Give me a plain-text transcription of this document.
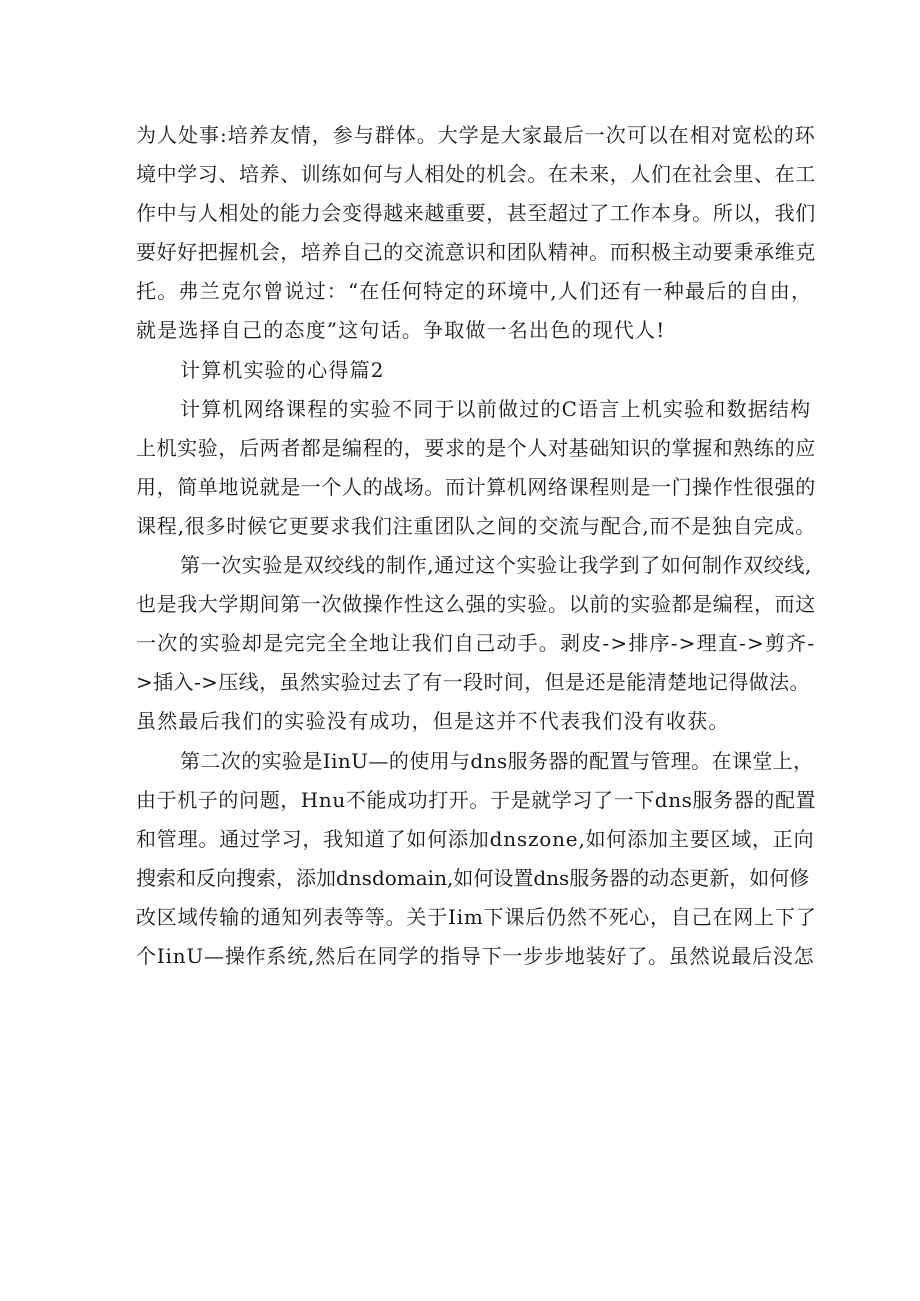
为人处事:培养友情，参与群体。大学是大家最后一次可以在相对宽松的环
境中学习、培养、训练如何与人相处的机会。在未来，人们在社会里、在工
作中与人相处的能力会变得越来越重要，甚至超过了工作本身。所以，我们
要好好把握机会，培养自己的交流意识和团队精神。而积极主动要秉承维克
托。弗兰克尔曾说过：“在任何特定的环境中,人们还有一种最后的自由，
就是选择自己的态度”这句话。争取做一名出色的现代人!
计算机实验的心得篇2
计算机网络课程的实验不同于以前做过的C语言上机实验和数据结构
上机实验，后两者都是编程的，要求的是个人对基础知识的掌握和熟练的应
用，简单地说就是一个人的战场。而计算机网络课程则是一门操作性很强的
课程,很多时候它更要求我们注重团队之间的交流与配合,而不是独自完成。
第一次实验是双绞线的制作,通过这个实验让我学到了如何制作双绞线,
也是我大学期间第一次做操作性这么强的实验。以前的实验都是编程，而这
一次的实验却是完完全全地让我们自己动手。剥皮->排序->理直->剪齐-
>插入->压线，虽然实验过去了有一段时间，但是还是能清楚地记得做法。
虽然最后我们的实验没有成功，但是这并不代表我们没有收获。
第二次的实验是IinU—的使用与dns服务器的配置与管理。在课堂上，
由于机子的问题，Hnu不能成功打开。于是就学习了一下dns服务器的配置
和管理。通过学习，我知道了如何添加dnszone,如何添加主要区域，正向
搜索和反向搜索，添加dnsdomain,如何设置dns服务器的动态更新，如何修
改区域传输的通知列表等等。关于Iim下课后仍然不死心，自己在网上下了
个IinU—操作系统,然后在同学的指导下一步步地装好了。虽然说最后没怎
